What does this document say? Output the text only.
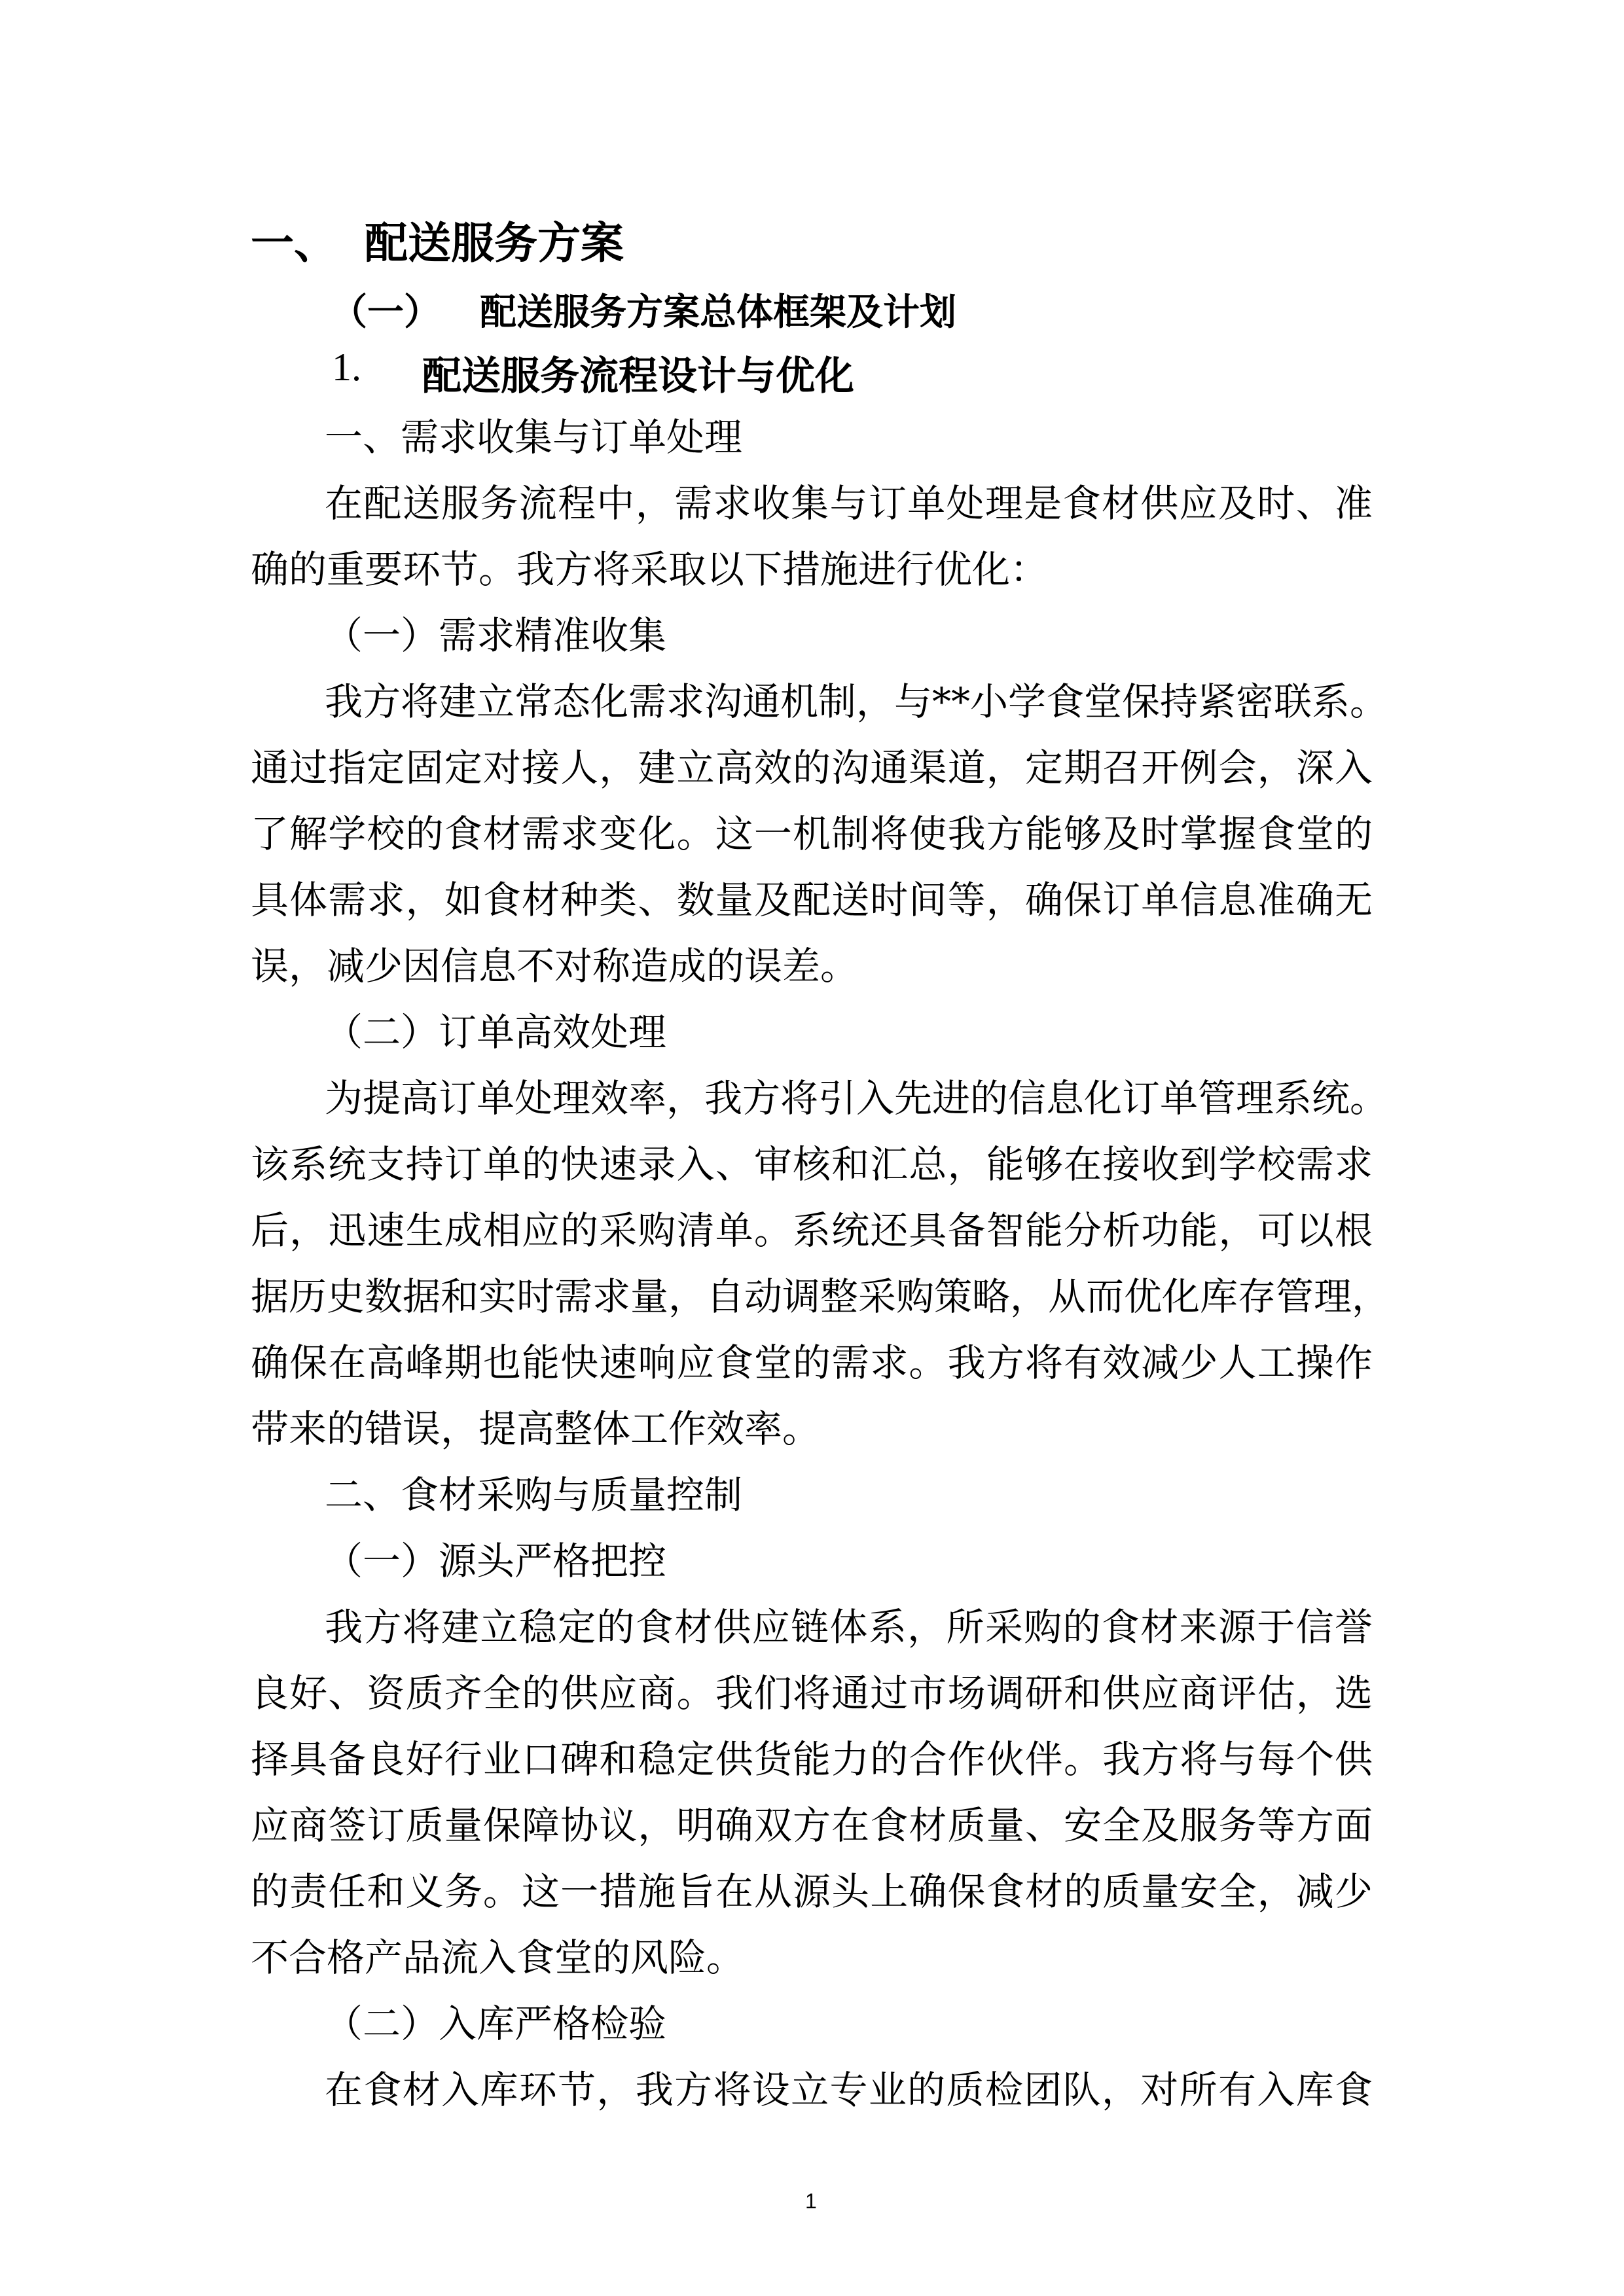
一、 配送服务方案
（一） 配送服务方案总体框架及计划
1. 配送服务流程设计与优化
一、需求收集与订单处理
在配送服务流程中，需求收集与订单处理是食材供应及时、准
确的重要环节。我方将采取以下措施进行优化：
（一）需求精准收集
我方将建立常态化需求沟通机制，与**小学食堂保持紧密联系。
通过指定固定对接人，建立高效的沟通渠道，定期召开例会，深入
了解学校的食材需求变化。这一机制将使我方能够及时掌握食堂的
具体需求，如食材种类、数量及配送时间等，确保订单信息准确无
误，减少因信息不对称造成的误差。
（二）订单高效处理
为提高订单处理效率，我方将引入先进的信息化订单管理系统。
该系统支持订单的快速录入、审核和汇总，能够在接收到学校需求
后，迅速生成相应的采购清单。系统还具备智能分析功能，可以根
据历史数据和实时需求量，自动调整采购策略，从而优化库存管理，
确保在高峰期也能快速响应食堂的需求。我方将有效减少人工操作
带来的错误，提高整体工作效率。
二、食材采购与质量控制
（一）源头严格把控
我方将建立稳定的食材供应链体系，所采购的食材来源于信誉
良好、资质齐全的供应商。我们将通过市场调研和供应商评估，选
择具备良好行业口碑和稳定供货能力的合作伙伴。我方将与每个供
应商签订质量保障协议，明确双方在食材质量、安全及服务等方面
的责任和义务。这一措施旨在从源头上确保食材的质量安全，减少
不合格产品流入食堂的风险。
（二）入库严格检验
在食材入库环节，我方将设立专业的质检团队，对所有入库食
1
